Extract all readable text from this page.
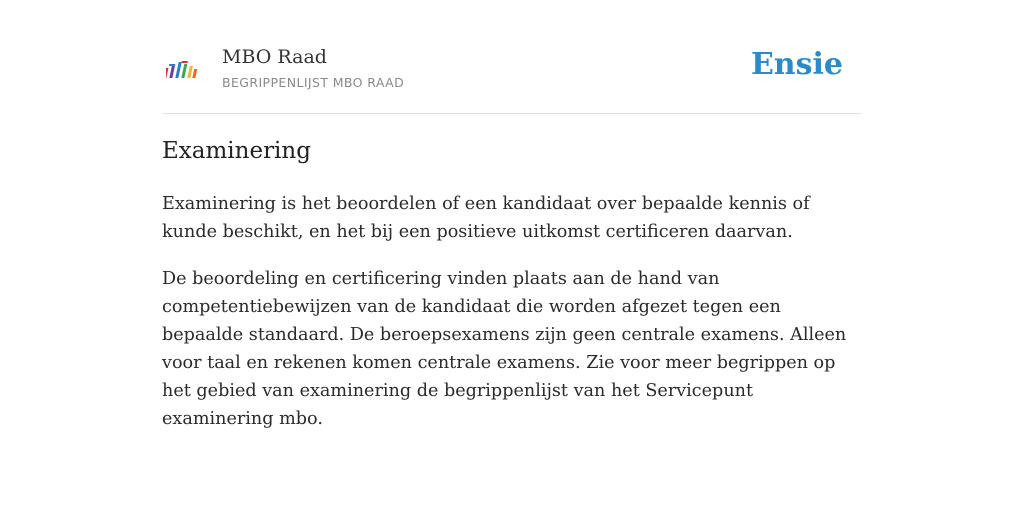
MBO Raad
BEGRIPPENLIJST MBO RAAD
Ensie
Examinering

Examinering is het beoordelen of een kandidaat over bepaalde kennis of kunde beschikt, en het bij een positieve uitkomst certificeren daarvan.

De beoordeling en certificering vinden plaats aan de hand van competentiebewijzen van de kandidaat die worden afgezet tegen een bepaalde standaard. De beroepsexamens zijn geen centrale examens. Alleen voor taal en rekenen komen centrale examens. Zie voor meer begrippen op het gebied van examinering de begrippenlijst van het Servicepunt examinering mbo.
